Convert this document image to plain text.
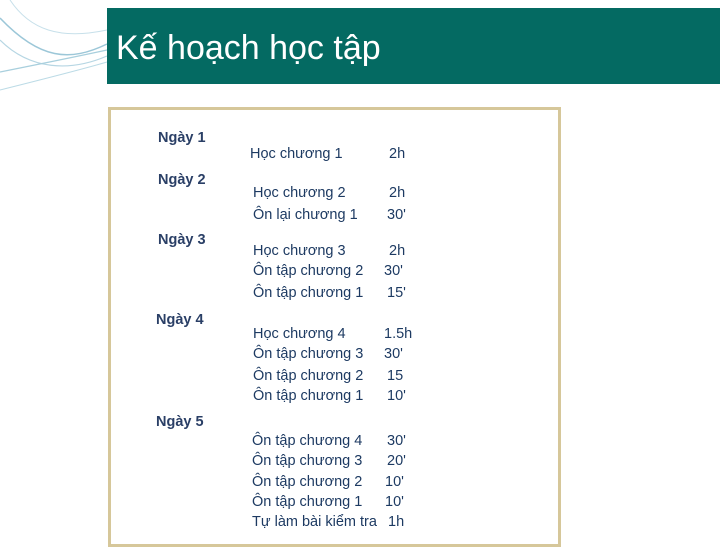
Kế hoạch học tập
Ngày 1
Học chương 1	2h
Ngày 2
Học chương 2	2h
Ôn lại chương 1 30'
Ngày 3
Học chương 3	2h
Ôn tập chương 2 30'
Ôn tập chương 1 15'
Ngày 4
Học chương 4	1.5h
Ôn tập chương 3 30'
Ôn tập chương 2 15
Ôn tập chương 1 10'
Ngày 5
Ôn tập chương 4 30'
Ôn tập chương 3 20'
Ôn tập chương 2 10'
Ôn tập chương 1 10'
Tự làm bài kiểm tra 1h
